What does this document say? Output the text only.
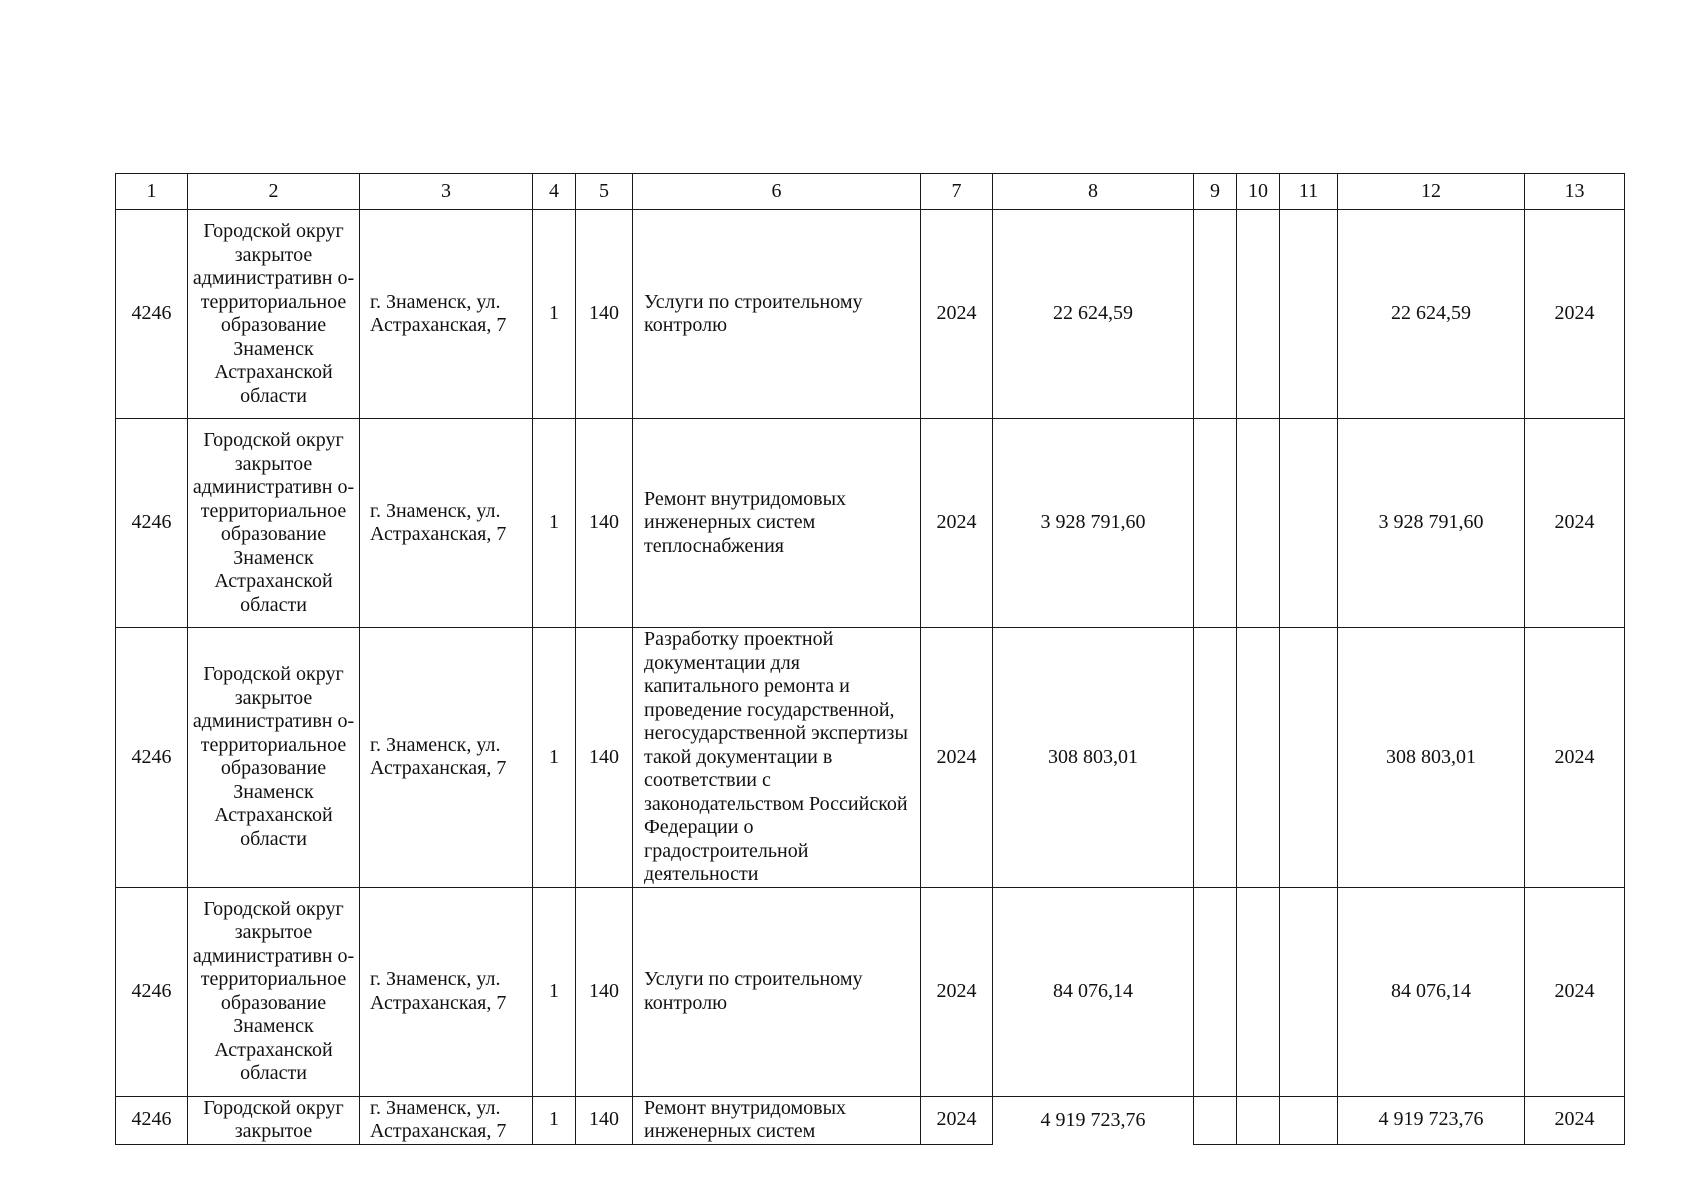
1	2	3	4	5	6	7	8	9	10	11	12	13
4246	Городской округ закрытое административн о- территориальное образование Знаменск Астраханской области	г. Знаменск, ул. Астраханская, 7	1	140	Услуги по строительному контролю	2024	22 624,59				22 624,59	2024
4246	Городской округ закрытое административн о- территориальное образование Знаменск Астраханской области	г. Знаменск, ул. Астраханская, 7	1	140	Ремонт внутридомовых инженерных систем теплоснабжения	2024	3 928 791,60				3 928 791,60	2024
4246	Городской округ закрытое административн о- территориальное образование Знаменск Астраханской области	г. Знаменск, ул. Астраханская, 7	1	140	Разработку проектной документации для капитального ремонта и проведение государственной, негосударственной экспертизы такой документации в соответствии с законодательством Российской Федерации о градостроительной деятельности	2024	308 803,01				308 803,01	2024
4246	Городской округ закрытое административн о- территориальное образование Знаменск Астраханской области	г. Знаменск, ул. Астраханская, 7	1	140	Услуги по строительному контролю	2024	84 076,14				84 076,14	2024
4246	Городской округ закрытое	г. Знаменск, ул. Астраханская, 7	1	140	Ремонт внутридомовых инженерных систем	2024	4 919 723,76				4 919 723,76	2024
